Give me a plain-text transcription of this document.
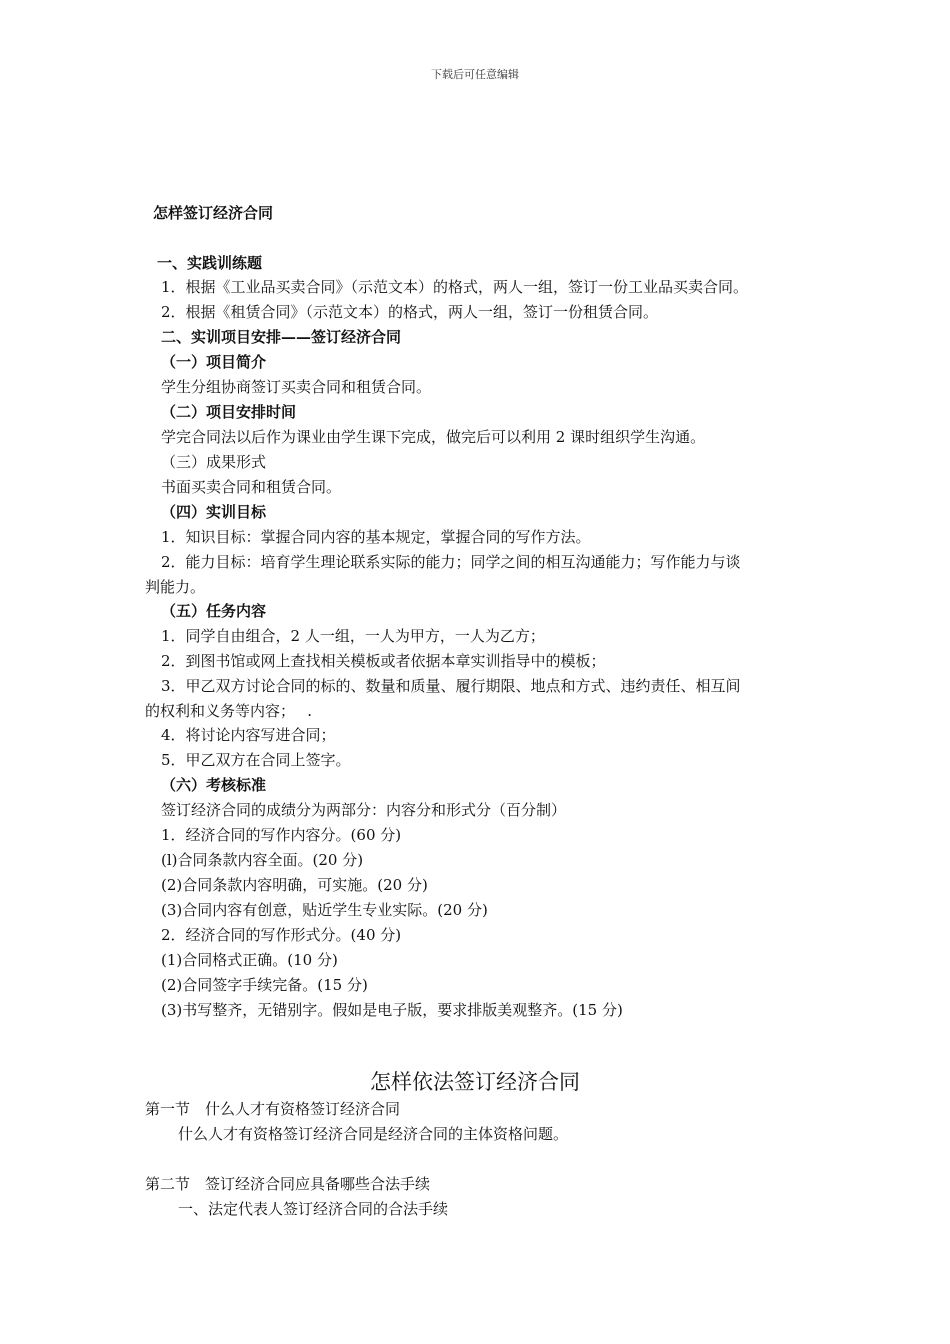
下载后可任意编辑
怎样签订经济合同
一、实践训练题
1．根据《工业品买卖合同》（示范文本）的格式，两人一组，签订一份工业品买卖合同。
2．根据《租赁合同》（示范文本）的格式，两人一组，签订一份租赁合同。
二、实训项目安排——签订经济合同
（一）项目简介
学生分组协商签订买卖合同和租赁合同。
（二）项目安排时间
学完合同法以后作为课业由学生课下完成，做完后可以利用 2 课时组织学生沟通。
（三）成果形式
书面买卖合同和租赁合同。
（四）实训目标
1．知识目标：掌握合同内容的基本规定，掌握合同的写作方法。
2．能力目标：培育学生理论联系实际的能力；同学之间的相互沟通能力；写作能力与谈
判能力。
（五）任务内容
1．同学自由组合，2 人一组，一人为甲方，一人为乙方；
2．到图书馆或网上查找相关模板或者依据本章实训指导中的模板；
3．甲乙双方讨论合同的标的、数量和质量、履行期限、地点和方式、违约责任、相互间
的权利和义务等内容；　 .
4．将讨论内容写进合同；
5．甲乙双方在合同上签字。
（六）考核标准
签订经济合同的成绩分为两部分：内容分和形式分（百分制）
1．经济合同的写作内容分。(60 分)
(l)合同条款内容全面。(20 分)
(2)合同条款内容明确，可实施。(20 分)
(3)合同内容有创意，贴近学生专业实际。(20 分)
2．经济合同的写作形式分。(40 分)
(1)合同格式正确。(10 分)
(2)合同签字手续完备。(15 分)
(3)书写整齐，无错别字。假如是电子版，要求排版美观整齐。(15 分)
怎样依法签订经济合同
第一节　什么人才有资格签订经济合同
什么人才有资格签订经济合同是经济合同的主体资格问题。
第二节　签订经济合同应具备哪些合法手续
一、法定代表人签订经济合同的合法手续
